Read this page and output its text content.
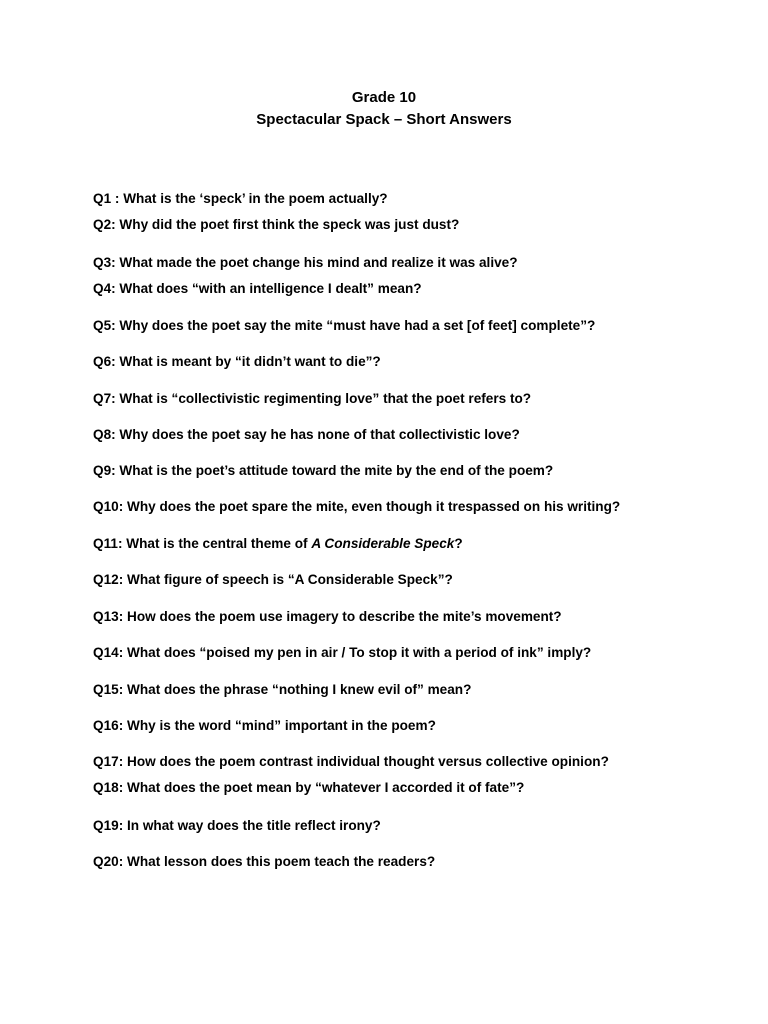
Grade 10
Spectacular Spack – Short Answers
Q1 : What is the ‘speck’ in the poem actually?
Q2: Why did the poet first think the speck was just dust?
Q3: What made the poet change his mind and realize it was alive?
Q4: What does “with an intelligence I dealt” mean?
Q5: Why does the poet say the mite “must have had a set [of feet] complete”?
Q6: What is meant by “it didn’t want to die”?
Q7: What is “collectivistic regimenting love” that the poet refers to?
Q8: Why does the poet say he has none of that collectivistic love?
Q9: What is the poet’s attitude toward the mite by the end of the poem?
Q10: Why does the poet spare the mite, even though it trespassed on his writing?
Q11: What is the central theme of A Considerable Speck?
Q12: What figure of speech is “A Considerable Speck”?
Q13: How does the poem use imagery to describe the mite’s movement?
Q14: What does “poised my pen in air / To stop it with a period of ink” imply?
Q15: What does the phrase “nothing I knew evil of” mean?
Q16: Why is the word “mind” important in the poem?
Q17: How does the poem contrast individual thought versus collective opinion?
Q18: What does the poet mean by “whatever I accorded it of fate”?
Q19: In what way does the title reflect irony?
Q20: What lesson does this poem teach the readers?
